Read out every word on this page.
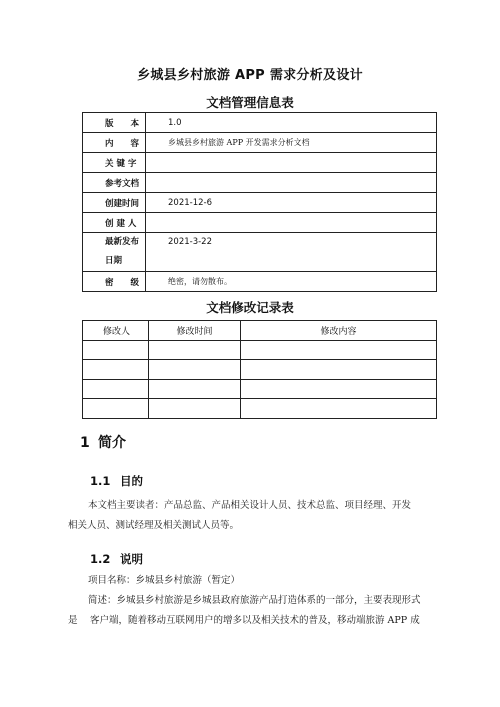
乡城县乡村旅游 APP 需求分析及设计
文档管理信息表
版　　本	1.0
内　　容	乡城县乡村旅游 APP 开发需求分析文档
关 键 字	
参考文档	
创建时间	2021-12-6
创 建 人	

最新发布
日期	2021-3-22
密　　级	绝密，请勿散布。
文档修改记录表
修改人	修改时间	修改内容

1 简介
1.1 目的
本文档主要读者：产品总监、产品相关设计人员、技术总监、项目经理、开发
相关人员、测试经理及相关测试人员等。
1.2 说明
项目名称：乡城县乡村旅游（暂定）
简述：乡城县乡村旅游是乡城县政府旅游产品打造体系的一部分，主要表现形式
是　 客户端，随着移动互联网用户的增多以及相关技术的普及，移动端旅游 APP 成
